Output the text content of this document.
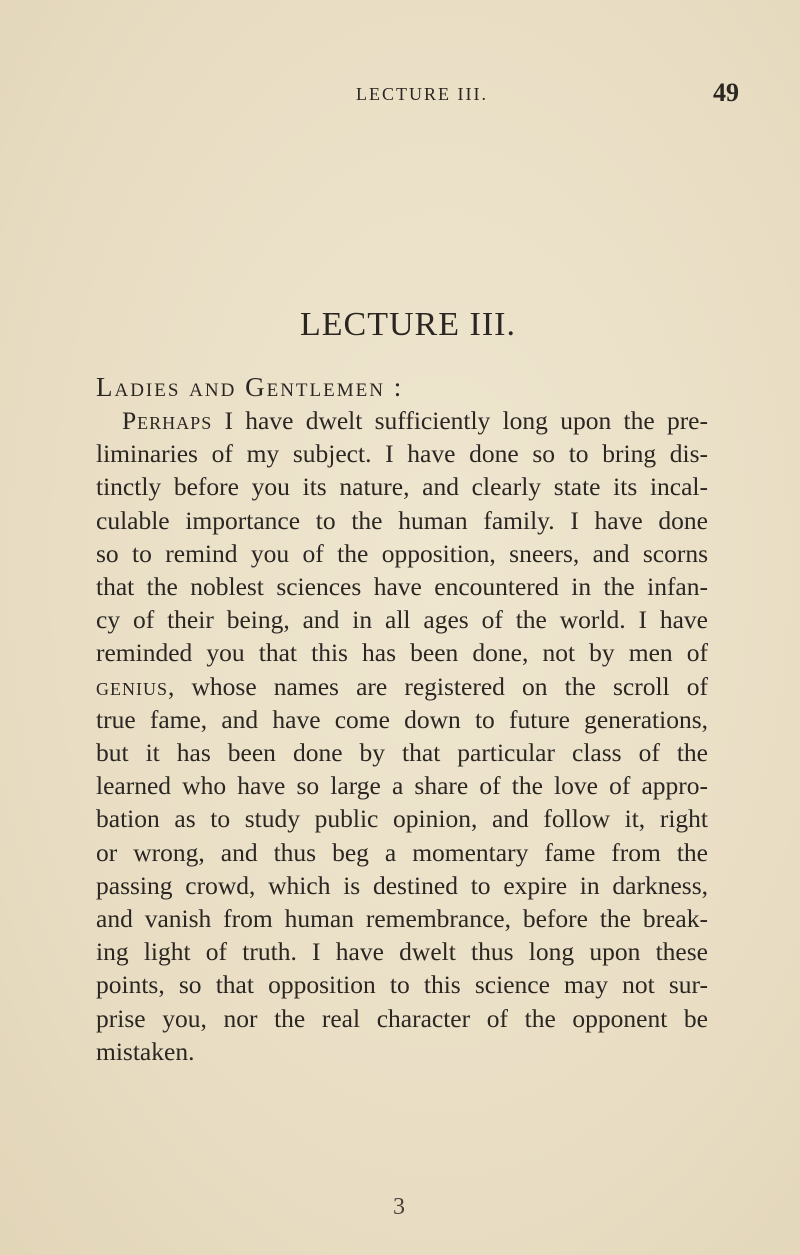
LECTURE III.	49
LECTURE III.
Ladies and Gentlemen :
Perhaps I have dwelt sufficiently long upon the pre-
liminaries of my subject. I have done so to bring dis-
tinctly before you its nature, and clearly state its incal-
culable importance to the human family. I have done
so to remind you of the opposition, sneers, and scorns
that the noblest sciences have encountered in the infan-
cy of their being, and in all ages of the world. I have
reminded you that this has been done, not by men of
genius, whose names are registered on the scroll of
true fame, and have come down to future generations,
but it has been done by that particular class of the
learned who have so large a share of the love of appro-
bation as to study public opinion, and follow it, right
or wrong, and thus beg a momentary fame from the
passing crowd, which is destined to expire in darkness,
and vanish from human remembrance, before the break-
ing light of truth. I have dwelt thus long upon these
points, so that opposition to this science may not sur-
prise you, nor the real character of the opponent be
mistaken.
3
